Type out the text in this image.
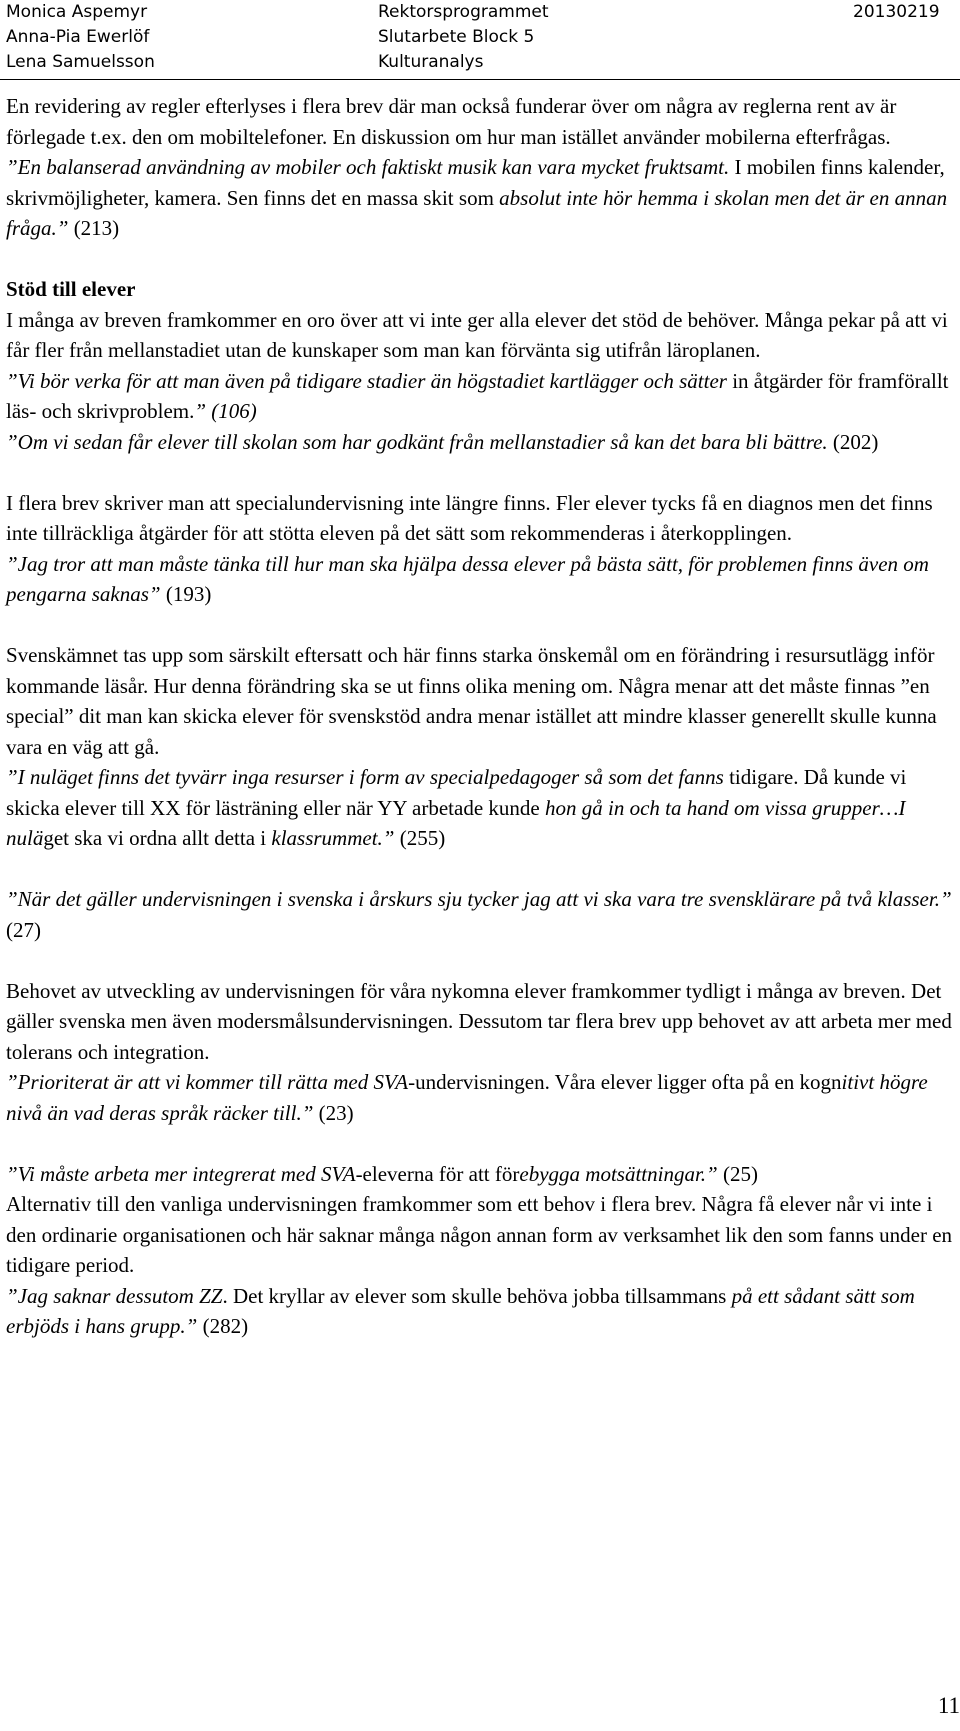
Monica Aspemyr
Anna-Pia Ewerlöf
Lena Samuelsson
Rektorsprogrammet
Slutarbete Block 5
Kulturanalys
20130219

En revidering av regler efterlyses i flera brev där man också funderar över om några av reglerna rent av är förlegade t.ex. den om mobiltelefoner. En diskussion om hur man istället använder mobilerna efterfrågas.
”En balanserad användning av mobiler och faktiskt musik kan vara mycket fruktsamt. I mobilen finns kalender, skrivmöjligheter, kamera. Sen finns det en massa skit som absolut inte hör hemma i skolan men det är en annan fråga.” (213)

Stöd till elever

I många av breven framkommer en oro över att vi inte ger alla elever det stöd de behöver. Många pekar på att vi får fler från mellanstadiet utan de kunskaper som man kan förvänta sig utifrån läroplanen.

”Vi bör verka för att man även på tidigare stadier än högstadiet kartlägger och sätter in åtgärder för framförallt läs- och skrivproblem.” (106)

”Om vi sedan får elever till skolan som har godkänt från mellanstadier så kan det bara bli bättre. (202)

I flera brev skriver man att specialundervisning inte längre finns. Fler elever tycks få en diagnos men det finns inte tillräckliga åtgärder för att stötta eleven på det sätt som rekommenderas i återkopplingen.

”Jag tror att man måste tänka till hur man ska hjälpa dessa elever på bästa sätt, för problemen finns även om pengarna saknas” (193)

Svenskämnet tas upp som särskilt eftersatt och här finns starka önskemål om en förändring i resursutlägg inför kommande läsår. Hur denna förändring ska se ut finns olika mening om. Några menar att det måste finnas ”en special” dit man kan skicka elever för svenskstöd andra menar istället att mindre klasser generellt skulle kunna vara en väg att gå.

”I nuläget finns det tyvärr inga resurser i form av specialpedagoger så som det fanns tidigare. Då kunde vi skicka elever till XX för lästräning eller när YY arbetade kunde hon gå in och ta hand om vissa grupper…I nuläget ska vi ordna allt detta i klassrummet.” (255)

”När det gäller undervisningen i svenska i årskurs sju tycker jag att vi ska vara tre svensklärare på två klasser.” (27)

Behovet av utveckling av undervisningen för våra nykomna elever framkommer tydligt i många av breven. Det gäller svenska men även modersmålsundervisningen. Dessutom tar flera brev upp behovet av att arbeta mer med tolerans och integration.

”Prioriterat är att vi kommer till rätta med SVA-undervisningen. Våra elever ligger ofta på en kognitivt högre nivå än vad deras språk räcker till.” (23)

”Vi måste arbeta mer integrerat med SVA-eleverna för att förebygga motsättningar.” (25)

Alternativ till den vanliga undervisningen framkommer som ett behov i flera brev. Några få elever når vi inte i den ordinarie organisationen och här saknar många någon annan form av verksamhet lik den som fanns under en tidigare period.

”Jag saknar dessutom ZZ. Det kryllar av elever som skulle behöva jobba tillsammans på ett sådant sätt som erbjöds i hans grupp.” (282)

11
